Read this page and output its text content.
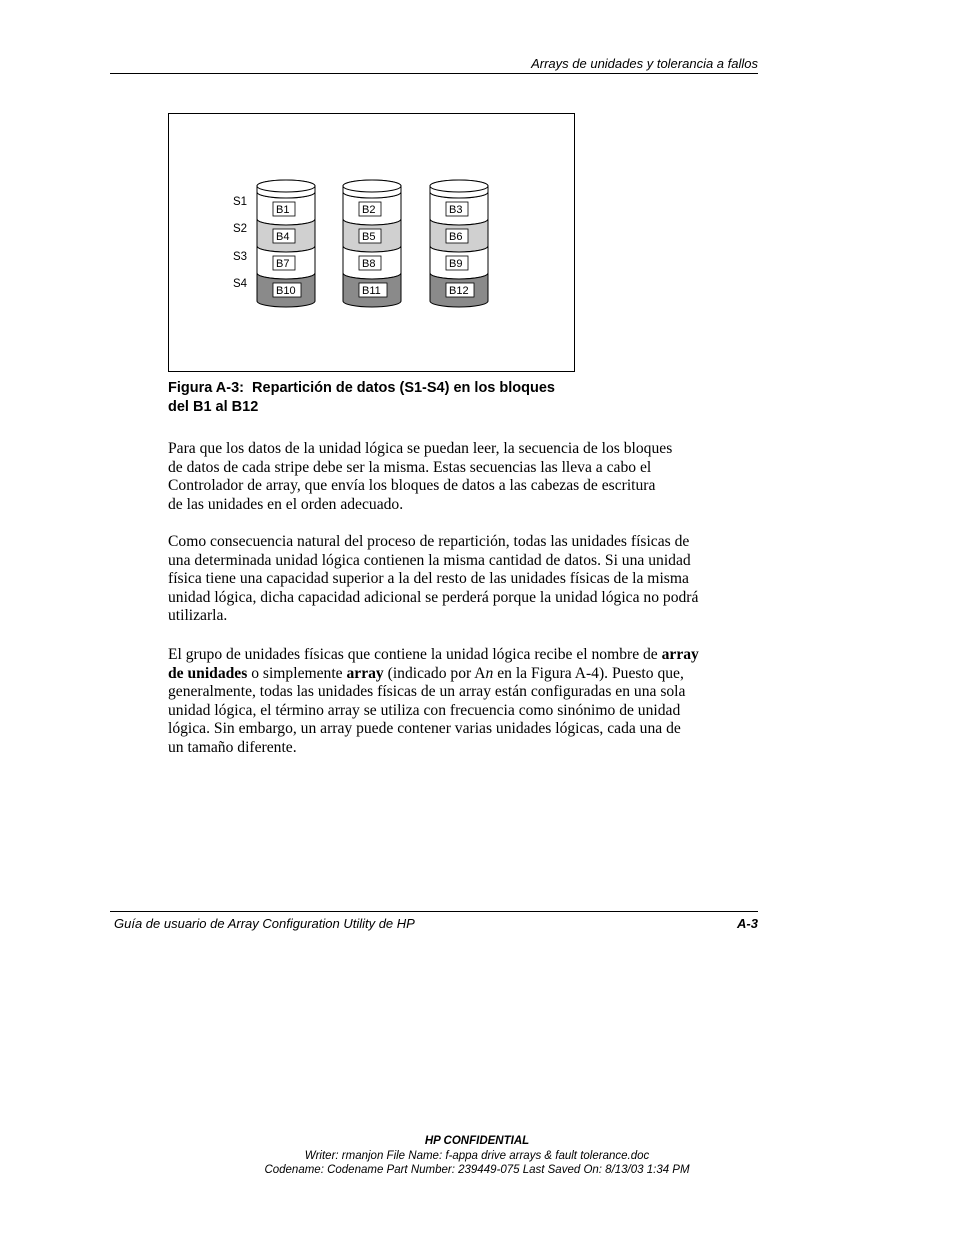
Arrays de unidades y tolerancia a fallos
S1
S2
S3
S4
B1
B4
B7
B10
B2
B5
B8
B11
B3
B6
B9
B12
Figura A-3:  Repartición de datos (S1-S4) en los bloques
del B1 al B12
Para que los datos de la unidad lógica se puedan leer, la secuencia de los bloques
de datos de cada stripe debe ser la misma. Estas secuencias las lleva a cabo el
Controlador de array, que envía los bloques de datos a las cabezas de escritura
de las unidades en el orden adecuado.
Como consecuencia natural del proceso de repartición, todas las unidades físicas de
una determinada unidad lógica contienen la misma cantidad de datos. Si una unidad
física tiene una capacidad superior a la del resto de las unidades físicas de la misma
unidad lógica, dicha capacidad adicional se perderá porque la unidad lógica no podrá
utilizarla.
El grupo de unidades físicas que contiene la unidad lógica recibe el nombre de array
de unidades o simplemente array (indicado por An en la Figura A-4). Puesto que,
generalmente, todas las unidades físicas de un array están configuradas en una sola
unidad lógica, el término array se utiliza con frecuencia como sinónimo de unidad
lógica. Sin embargo, un array puede contener varias unidades lógicas, cada una de
un tamaño diferente.
Guía de usuario de Array Configuration Utility de HP	A-3
HP CONFIDENTIAL
Writer: rmanjon File Name: f-appa drive arrays & fault tolerance.doc
Codename: Codename Part Number: 239449-075 Last Saved On: 8/13/03 1:34 PM
